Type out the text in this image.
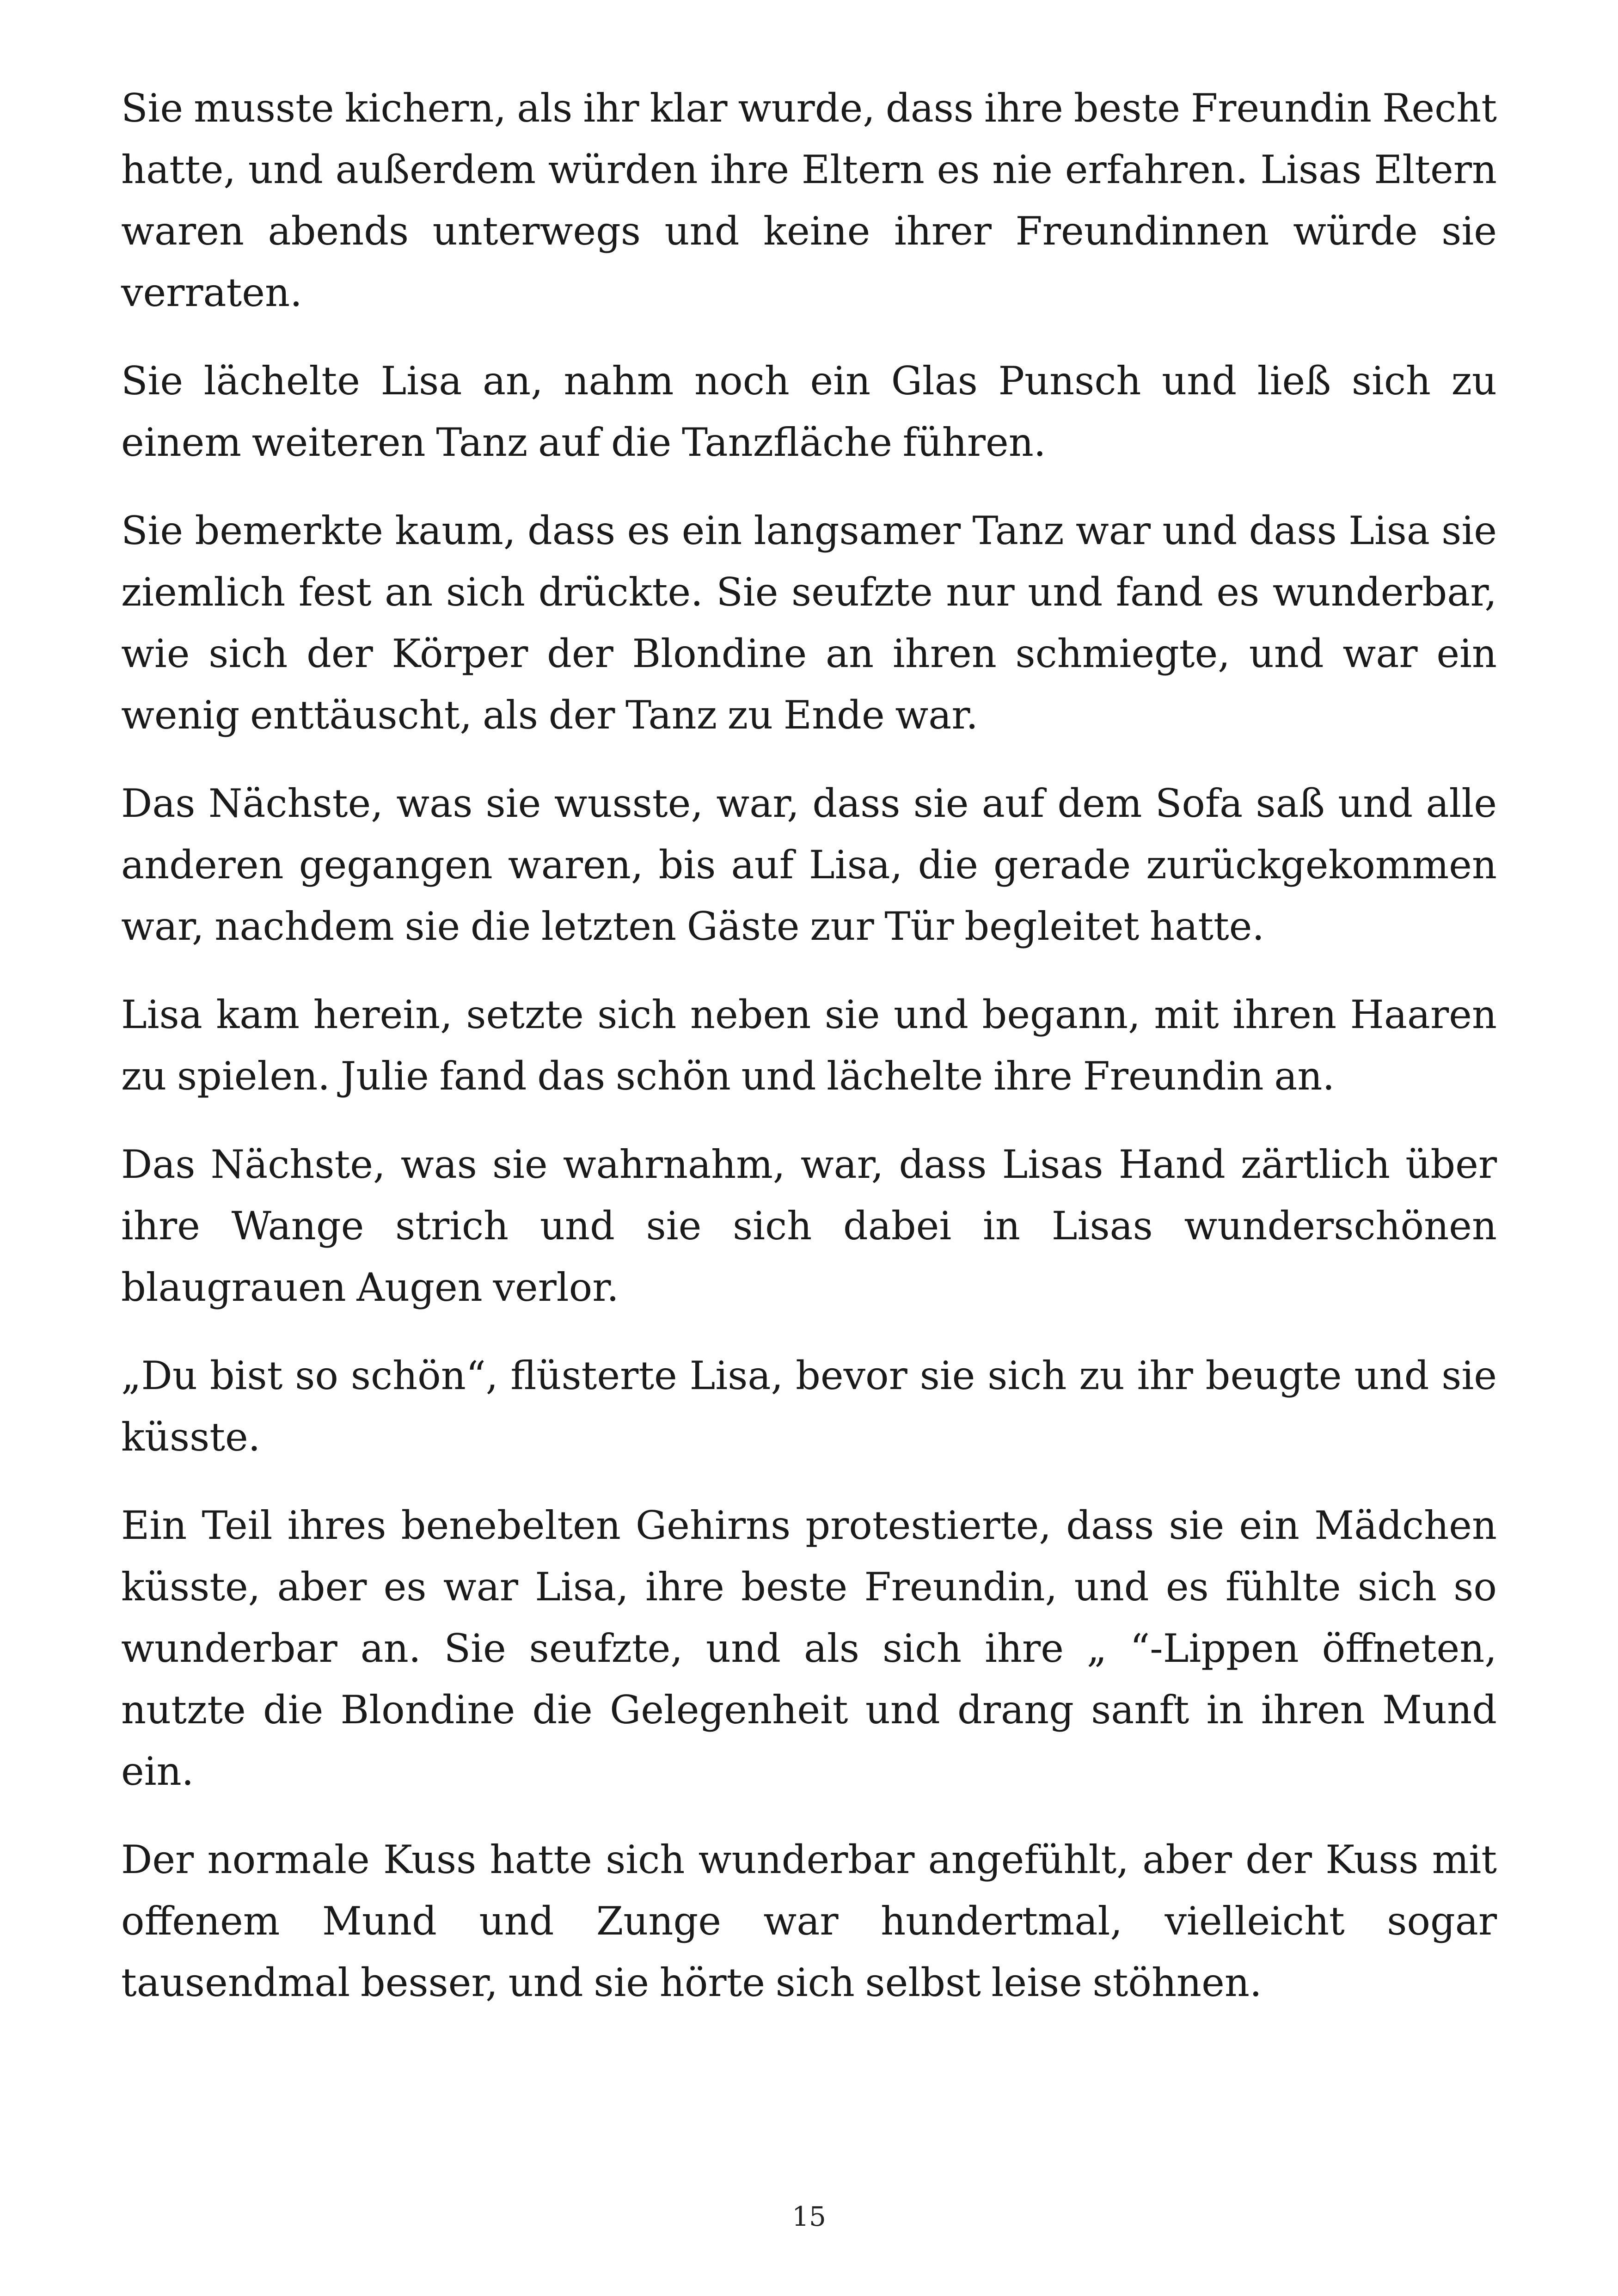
Sie musste kichern, als ihr klar wurde, dass ihre beste Freundin Recht hatte, und außerdem würden ihre Eltern es nie erfahren. Lisas Eltern waren abends unterwegs und keine ihrer Freundinnen würde sie verraten.

Sie lächelte Lisa an, nahm noch ein Glas Punsch und ließ sich zu einem weiteren Tanz auf die Tanzfläche führen.

Sie bemerkte kaum, dass es ein langsamer Tanz war und dass Lisa sie ziemlich fest an sich drückte. Sie seufzte nur und fand es wunderbar, wie sich der Körper der Blondine an ihren schmiegte, und war ein wenig enttäuscht, als der Tanz zu Ende war.

Das Nächste, was sie wusste, war, dass sie auf dem Sofa saß und alle anderen gegangen waren, bis auf Lisa, die gerade zurückgekommen war, nachdem sie die letzten Gäste zur Tür begleitet hatte.

Lisa kam herein, setzte sich neben sie und begann, mit ihren Haaren zu spielen. Julie fand das schön und lächelte ihre Freundin an.

Das Nächste, was sie wahrnahm, war, dass Lisas Hand zärtlich über ihre Wange strich und sie sich dabei in Lisas wunderschönen blaugrauen Augen verlor.

„Du bist so schön“, flüsterte Lisa, bevor sie sich zu ihr beugte und sie küsste.

Ein Teil ihres benebelten Gehirns protestierte, dass sie ein Mädchen küsste, aber es war Lisa, ihre beste Freundin, und es fühlte sich so wunderbar an. Sie seufzte, und als sich ihre „ “-Lippen öffneten, nutzte die Blondine die Gelegenheit und drang sanft in ihren Mund ein.

Der normale Kuss hatte sich wunderbar angefühlt, aber der Kuss mit offenem Mund und Zunge war hundertmal, vielleicht sogar tausendmal besser, und sie hörte sich selbst leise stöhnen.

15
